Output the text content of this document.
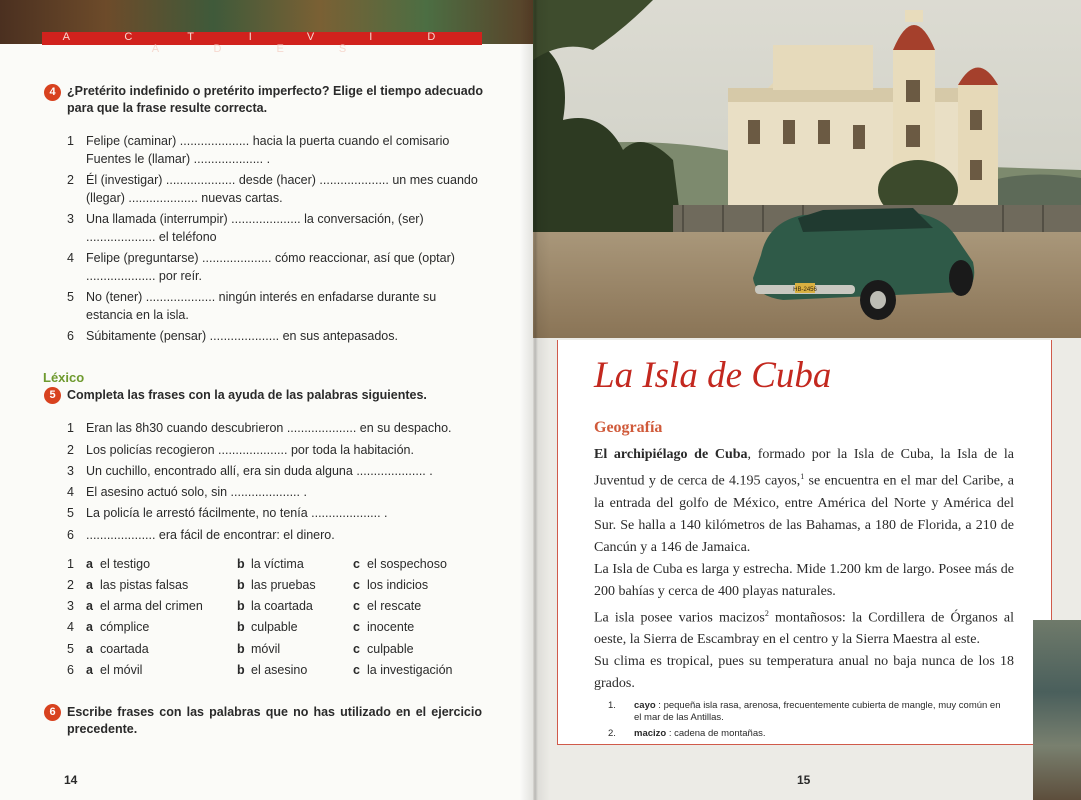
A C T I V I D A D E S
4 ¿Pretérito indefinido o pretérito imperfecto? Elige el tiempo adecuado para que la frase resulte correcta.
1 Felipe (caminar) .................... hacia la puerta cuando el comisario Fuentes le (llamar) .................... .
2 Él (investigar) .................... desde (hacer) .................... un mes cuando (llegar) .................... nuevas cartas.
3 Una llamada (interrumpir) .................... la conversación, (ser) .................... el teléfono
4 Felipe (preguntarse) .................... cómo reaccionar, así que (optar) .................... por reír.
5 No (tener) .................... ningún interés en enfadarse durante su estancia en la isla.
6 Súbitamente (pensar) .................... en sus antepasados.
Léxico
5 Completa las frases con la ayuda de las palabras siguientes.
1 Eran las 8h30 cuando descubrieron .................... en su despacho.
2 Los policías recogieron .................... por toda la habitación.
3 Un cuchillo, encontrado allí, era sin duda alguna .................... .
4 El asesino actuó solo, sin .................... .
5 La policía le arrestó fácilmente, no tenía .................... .
6 .................... era fácil de encontrar: el dinero.
1 a el testigo	b la víctima	c el sospechoso
2 a las pistas falsas	b las pruebas	c los indicios
3 a el arma del crimen	b la coartada	c el rescate
4 a cómplice	b culpable	c inocente
5 a coartada	b móvil	c culpable
6 a el móvil	b el asesino	c la investigación
6 Escribe frases con las palabras que no has utilizado en el ejercicio precedente.
14
HB-2456
La Isla de Cuba
Geografía

El archipiélago de Cuba, formado por la Isla de Cuba, la Isla de la Juventud y de cerca de 4.195 cayos,$^1$ se encuentra en el mar del Caribe, a la entrada del golfo de México, entre América del Norte y América del Sur. Se halla a 140 kilómetros de las Bahamas, a 180 de Florida, a 210 de Cancún y a 146 de Jamaica.

La Isla de Cuba es larga y estrecha. Mide 1.200 km de largo. Posee más de 200 bahías y cerca de 400 playas naturales.

La isla posee varios macizos$^2$ montañosos: la Cordillera de Órganos al oeste, la Sierra de Escambray en el centro y la Sierra Maestra al este.

Su clima es tropical, pues su temperatura anual no baja nunca de los 18 grados.

1. cayo : pequeña isla rasa, arenosa, frecuentemente cubierta de mangle, muy común en el mar de las Antillas.
2. macizo : cadena de montañas.
15
